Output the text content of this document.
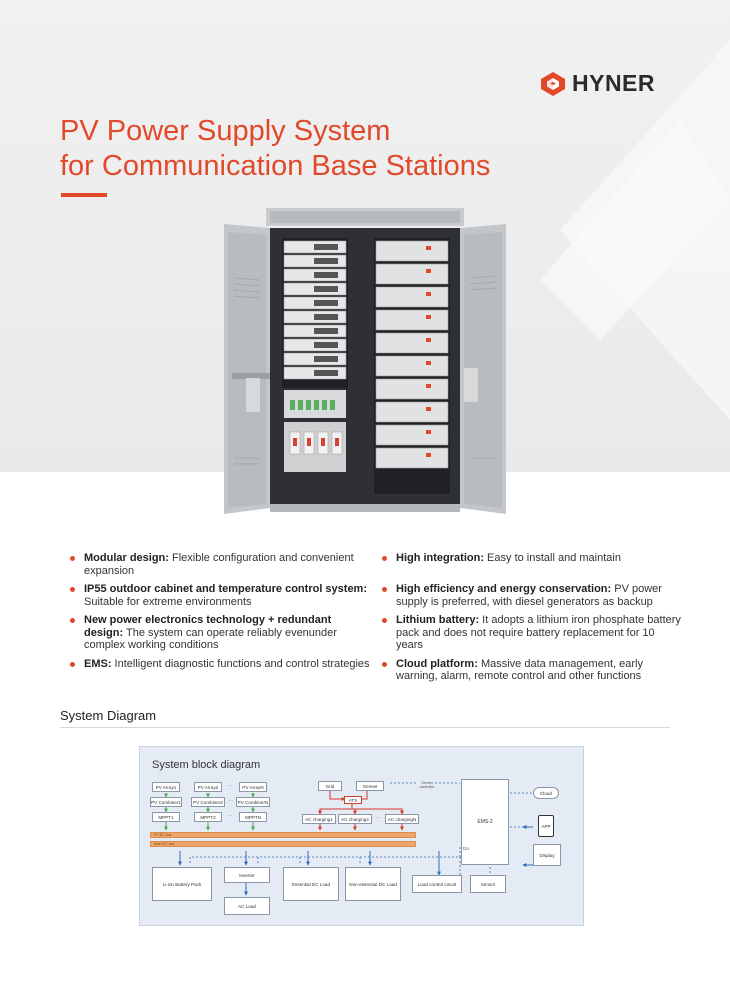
HYNER
PV Power Supply System
for Communication Base Stations
Modular design: Flexible configuration and convenient expansion
High integration: Easy to install and maintain
IP55 outdoor cabinet and temperature control system: Suitable for extreme environments
High efficiency and energy conservation: PV power supply is preferred, with diesel generators as backup
New power electronics technology + redundant design: The system can operate reliably evenunder complex working conditions
Lithium battery: It adopts a lithium iron phosphate battery pack and does not require battery replacement for 10 years
EMS: Intelligent diagnostic functions and control strategies	Cloud platform: Massive data management, early warning, alarm, remote control and other functions
System Diagram
System block diagram
PV Array1	PV Array2	···	PV ArrayN
PV Combiner1	PV Combiner2	···	PV CombinerN
MPPT1	MPPT2	···	MPPTN
Grid	Genset
Genset controller
ATS
AC charging1	AC charging2	···	AC chargingN	EMS-2
Do
Cloud
APP
Display
PV DC bus
Main DC bus
Li-ion Battery Pack
Inverter
AC Load
Essential DC Load	Non-essential DC Load	Load control circuit	Sensor
